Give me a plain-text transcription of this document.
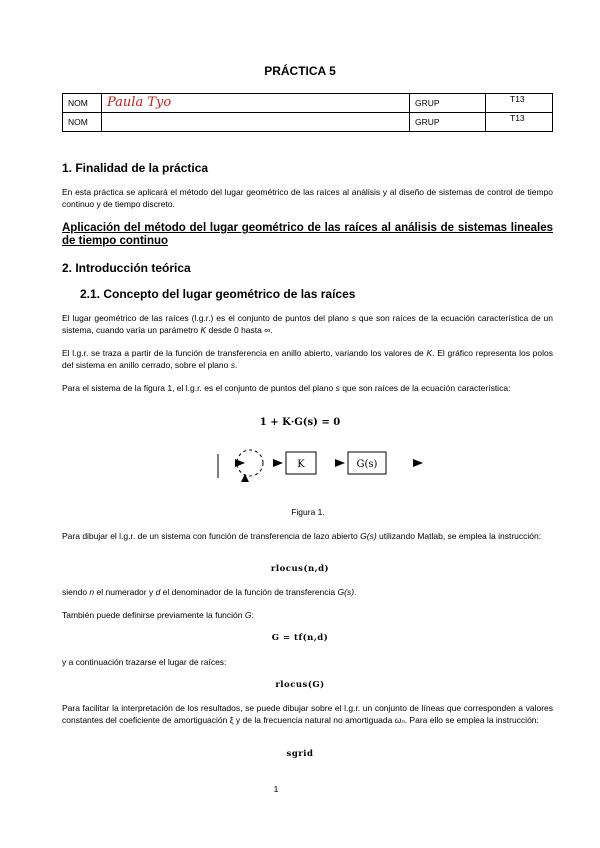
PRÁCTICA 5
NOM	Paula Tyo	GRUP	T13
NOM		GRUP	T13
1. Finalidad de la práctica
En esta práctica se aplicará el método del lugar geométrico de las raíces al análisis y al diseño de sistemas de control de tiempo continuo y de tiempo discreto.
Aplicación del método del lugar geométrico de las raíces al análisis de sistemas lineales de tiempo continuo
2. Introducción teórica
2.1. Concepto del lugar geométrico de las raíces
El lugar geométrico de las raíces (l.g.r.) es el conjunto de puntos del plano s que son raíces de la ecuación característica de un sistema, cuando varía un parámetro K desde 0 hasta ∞.
El l.g.r. se traza a partir de la función de transferencia en anillo abierto, variando los valores de K. El gráfico representa los polos del sistema en anillo cerrado, sobre el plano s.
Para el sistema de la figura 1, el l.g.r. es el conjunto de puntos del plano s que son raíces de la ecuación característica:
1 + K·G(s) = 0
K	G(s)
Figura 1.
Para dibujar el l.g.r. de un sistema con función de transferencia de lazo abierto G(s) utilizando Matlab, se emplea la instrucción:
rlocus(n,d)
siendo n el numerador y d el denominador de la función de transferencia G(s).
También puede definirse previamente la función G:
G = tf(n,d)
y a continuación trazarse el lugar de raíces:
rlocus(G)
Para facilitar la interpretación de los resultados, se puede dibujar sobre el l.g.r. un conjunto de líneas que corresponden a valores constantes del coeficiente de amortiguación ξ y de la frecuencia natural no amortiguada ωₙ. Para ello se emplea la instrucción:
sgrid
1
